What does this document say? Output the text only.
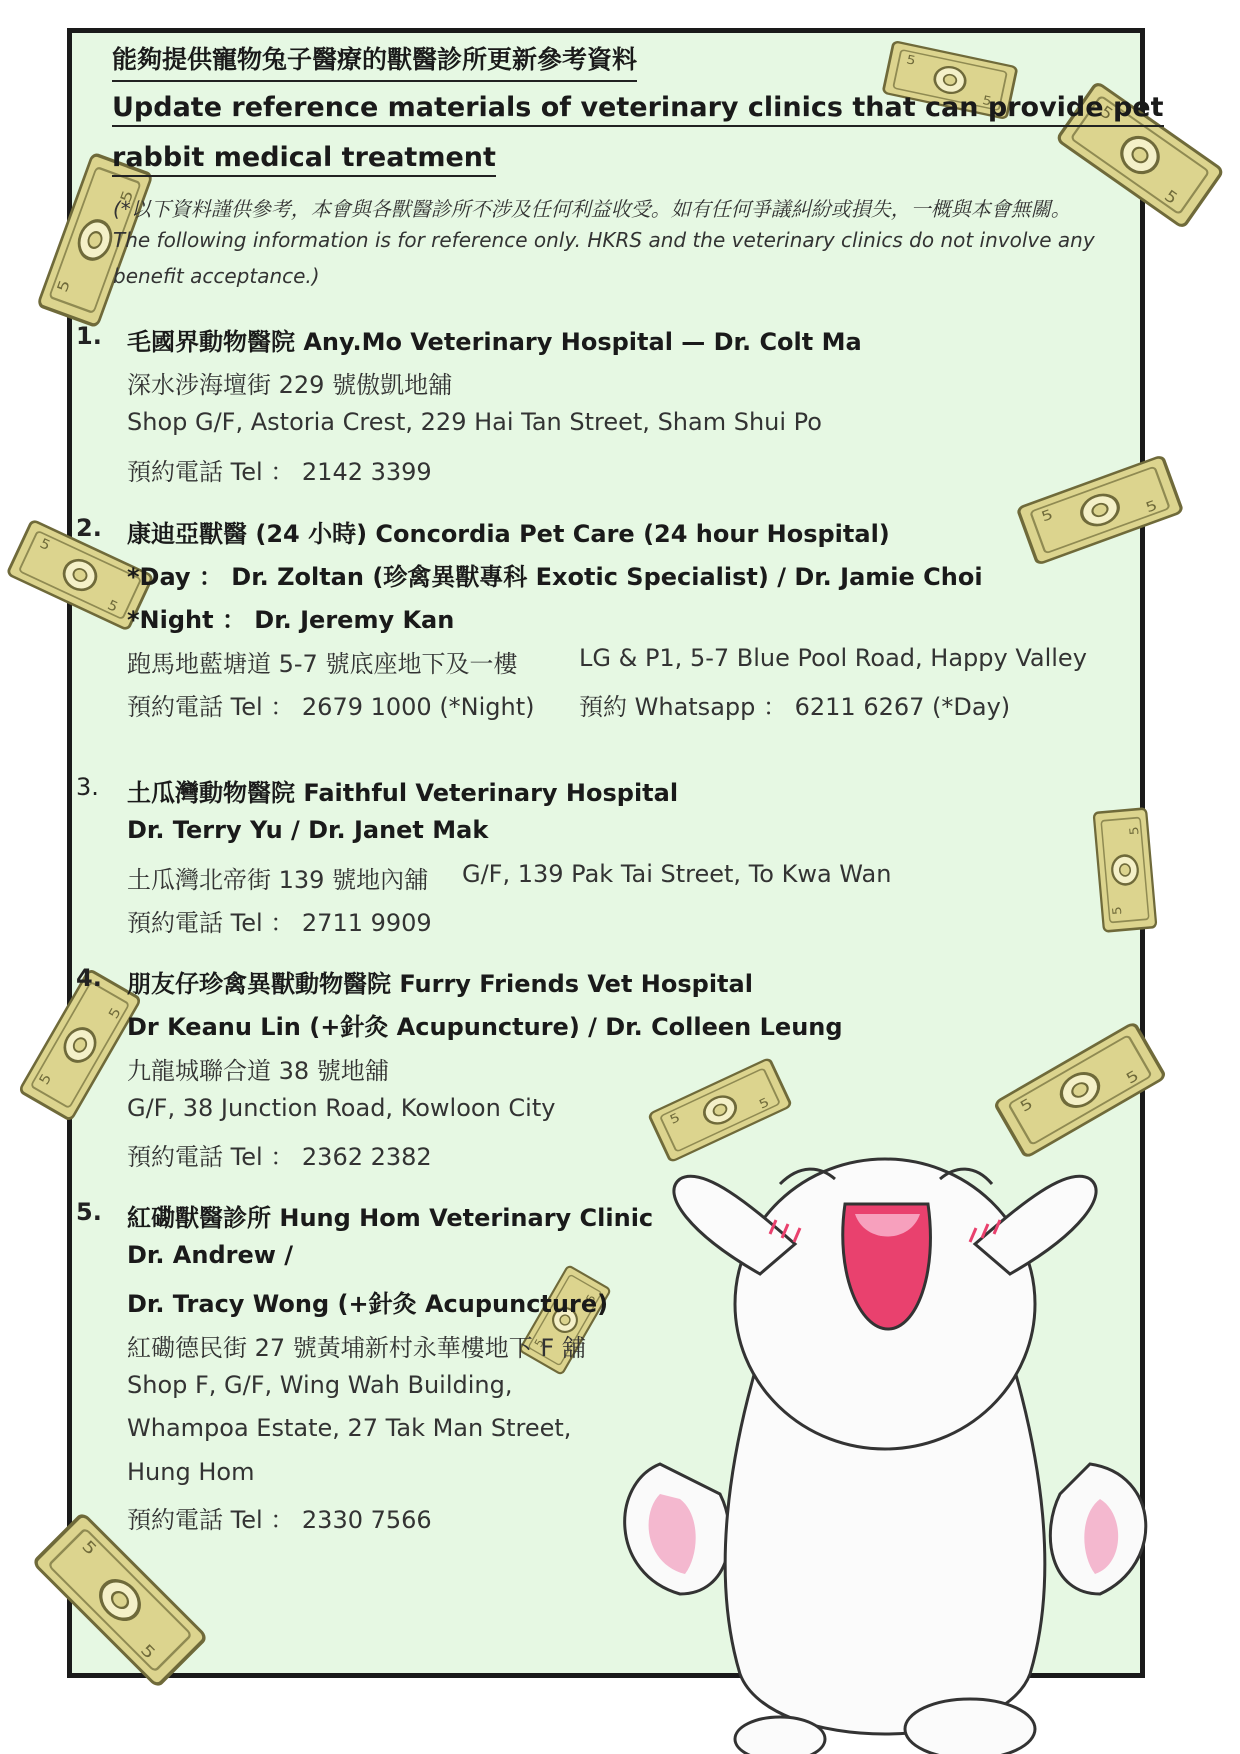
5
能夠提供寵物兔子醫療的獸醫診所更新參考資料
Update reference materials of veterinary clinics that can provide pet
rabbit medical treatment
(*以下資料謹供參考，本會與各獸醫診所不涉及任何利益收受。如有任何爭議糾紛或損失，一概與本會無關。
The following information is for reference only. HKRS and the veterinary clinics do not involve any
benefit acceptance.)
1. 毛國界動物醫院 Any.Mo Veterinary Hospital — Dr. Colt Ma
深水涉海壇街 229 號傲凱地舖
Shop G/F, Astoria Crest, 229 Hai Tan Street, Sham Shui Po
預約電話 Tel ： 2142 3399
2. 康迪亞獸醫 (24 小時) Concordia Pet Care (24 hour Hospital)
*Day ： Dr. Zoltan (珍禽異獸專科 Exotic Specialist) / Dr. Jamie Choi
*Night ： Dr. Jeremy Kan
跑馬地藍塘道 5-7 號底座地下及一樓	LG & P1, 5-7 Blue Pool Road, Happy Valley
預約電話 Tel ： 2679 1000 (*Night) 預約 Whatsapp ： 6211 6267 (*Day)
3. 土瓜灣動物醫院 Faithful Veterinary Hospital
Dr. Terry Yu / Dr. Janet Mak
土瓜灣北帝街 139 號地內舖 G/F, 139 Pak Tai Street, To Kwa Wan
預約電話 Tel ： 2711 9909
4. 朋友仔珍禽異獸動物醫院 Furry Friends Vet Hospital
Dr Keanu Lin (+針灸 Acupuncture) / Dr. Colleen Leung
九龍城聯合道 38 號地舖
G/F, 38 Junction Road, Kowloon City
預約電話 Tel ： 2362 2382
5. 紅磡獸醫診所 Hung Hom Veterinary Clinic
Dr. Andrew /
Dr. Tracy Wong (+針灸 Acupuncture)
紅磡德民街 27 號黃埔新村永華樓地下 F 舖
Shop F, G/F, Wing Wah Building,
Whampoa Estate, 27 Tak Man Street,
Hung Hom
預約電話 Tel ： 2330 7566
